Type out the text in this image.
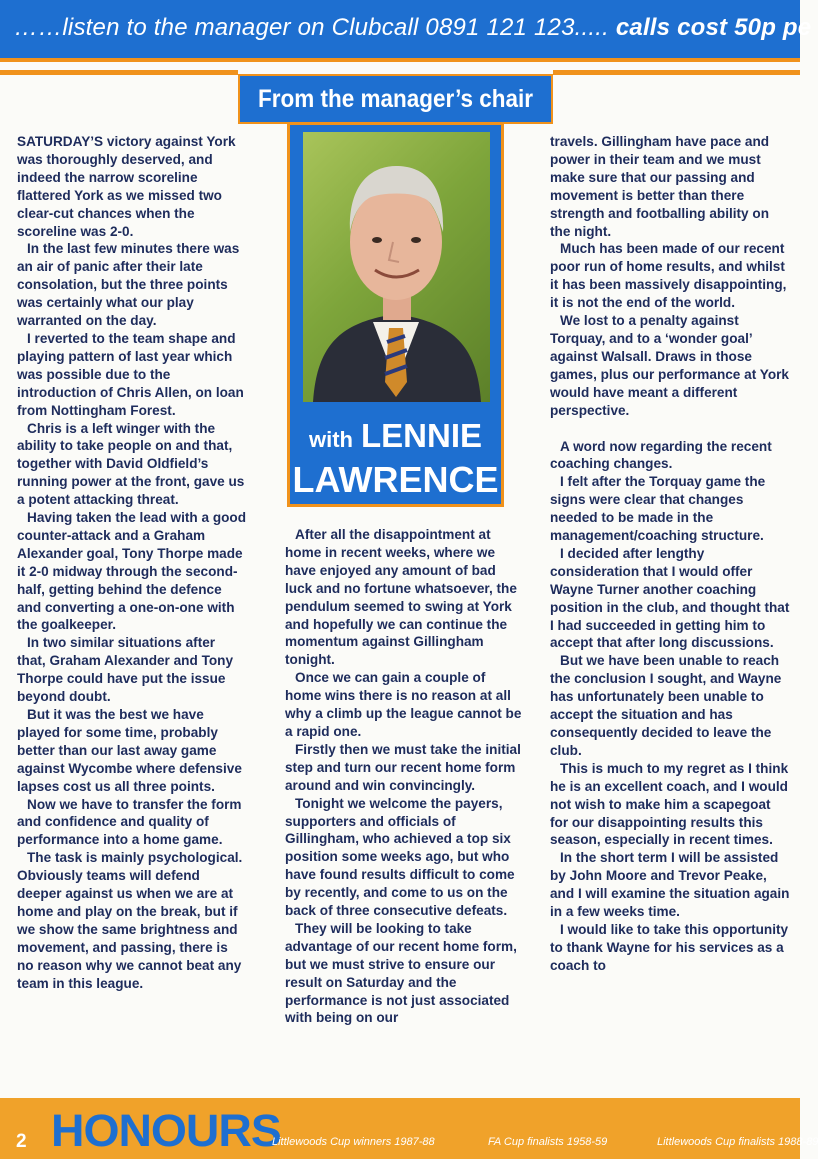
……listen to the manager on Clubcall 0891 121 123..... calls cost 50p pe
From the manager’s chair
with LENNIE
LAWRENCE

SATURDAY’S victory against York was thoroughly deserved, and indeed the narrow scoreline flattered York as we missed two clear-cut chances when the scoreline was 2-0.

In the last few minutes there was an air of panic after their late consolation, but the three points was certainly what our play warranted on the day.

I reverted to the team shape and playing pattern of last year which was possible due to the introduction of Chris Allen, on loan from Nottingham Forest.

Chris is a left winger with the ability to take people on and that, together with David Oldfield’s running power at the front, gave us a potent attacking threat.

Having taken the lead with a good counter-attack and a Graham Alexander goal, Tony Thorpe made it 2-0 midway through the second-half, getting behind the defence and converting a one-on-one with the goalkeeper.

In two similar situations after that, Graham Alexander and Tony Thorpe could have put the issue beyond doubt.

But it was the best we have played for some time, probably better than our last away game against Wycombe where defensive lapses cost us all three points.

Now we have to transfer the form and confidence and quality of performance into a home game.

The task is mainly psychological. Obviously teams will defend deeper against us when we are at home and play on the break, but if we show the same brightness and movement, and passing, there is no reason why we cannot beat any team in this league.

After all the disappointment at home in recent weeks, where we have enjoyed any amount of bad luck and no fortune whatsoever, the pendulum seemed to swing at York and hopefully we can continue the momentum against Gillingham tonight.

Once we can gain a couple of home wins there is no reason at all why a climb up the league cannot be a rapid one.

Firstly then we must take the initial step and turn our recent home form around and win convincingly.

Tonight we welcome the payers, supporters and officials of Gillingham, who achieved a top six position some weeks ago, but who have found results difficult to come by recently, and come to us on the back of three consecutive defeats.

They will be looking to take advantage of our recent home form, but we must strive to ensure our result on Saturday and the performance is not just associated with being on our

travels. Gillingham have pace and power in their team and we must make sure that our passing and movement is better than there strength and footballing ability on the night.

Much has been made of our recent poor run of home results, and whilst it has been massively disappointing, it is not the end of the world.

We lost to a penalty against Torquay, and to a ‘wonder goal’ against Walsall. Draws in those games, plus our performance at York would have meant a different perspective.

A word now regarding the recent coaching changes.

I felt after the Torquay game the signs were clear that changes needed to be made in the management/coaching structure.

I decided after lengthy consideration that I would offer Wayne Turner another coaching position in the club, and thought that I had succeeded in getting him to accept that after long discussions.

But we have been unable to reach the conclusion I sought, and Wayne has unfortunately been unable to accept the situation and has consequently decided to leave the club.

This is much to my regret as I think he is an excellent coach, and I would not wish to make him a scapegoat for our disappointing results this season, especially in recent times.

In the short term I will be assisted by John Moore and Trevor Peake, and I will examine the situation again in a few weeks time.

I would like to take this opportunity to thank Wayne for his services as a coach to

2 HONOURS
Littlewoods Cup winners 1987-88	FA Cup finalists 1958-59	Littlewoods Cup finalists 1988-89
